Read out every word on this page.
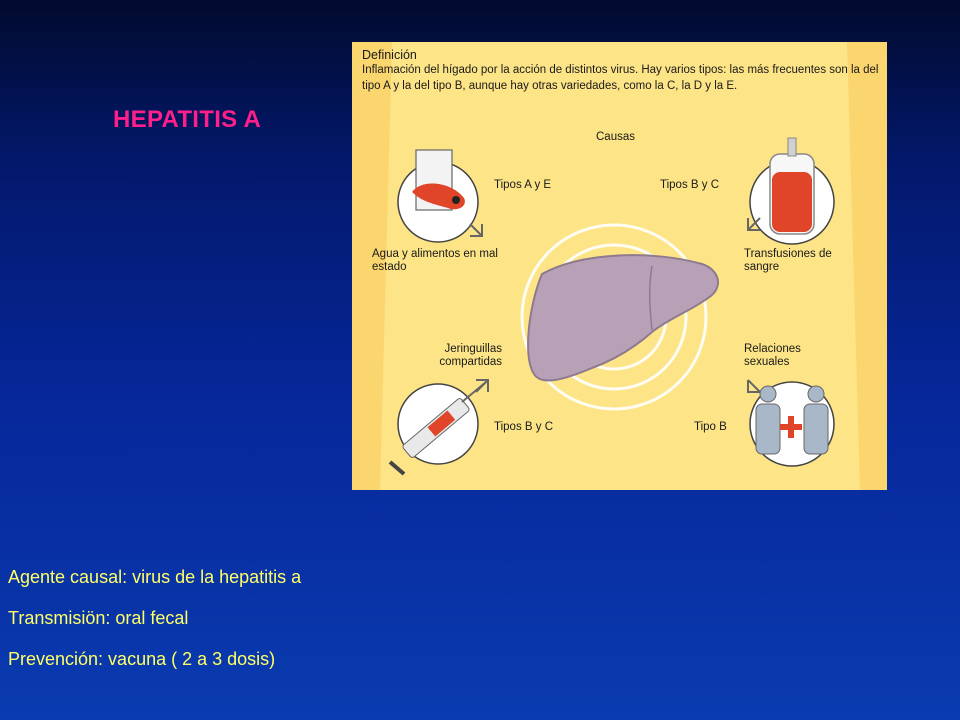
HEPATITIS A
Definición
Inflamación del hígado por la acción de distintos virus. Hay varios tipos: las más frecuentes son la del tipo A y la del tipo B, aunque hay otras variedades, como la C, la D y la E.
Causas
Tipos A y E
Agua y alimentos en mal estado
Tipos B y C
Transfusiones de sangre
Jeringuillas compartidas
Tipos B y C
Relaciones sexuales
Tipo B
Agente causal: virus de la hepatitis a
Transmisiön: oral fecal
Prevención: vacuna ( 2 a 3 dosis)
